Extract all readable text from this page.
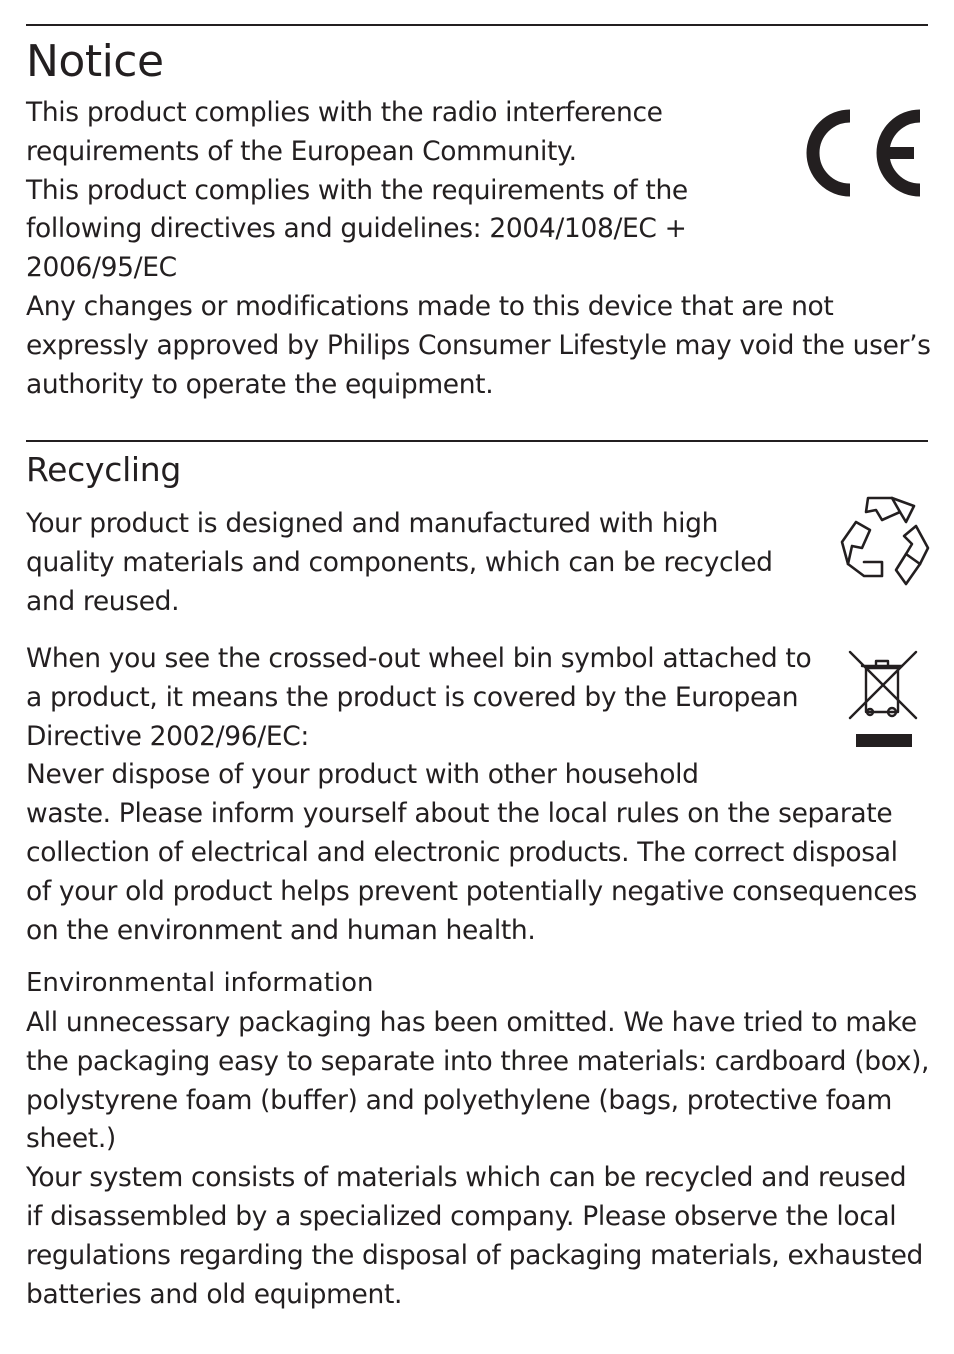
Notice
This product complies with the radio interference
requirements of the European Community.
This product complies with the requirements of the
following directives and guidelines: 2004/108/EC +
2006/95/EC
Any changes or modifications made to this device that are not
expressly approved by Philips Consumer Lifestyle may void the user’s
authority to operate the equipment.
Recycling
Your product is designed and manufactured with high
quality materials and components, which can be recycled
and reused.
When you see the crossed-out wheel bin symbol attached to
a product, it means the product is covered by the European
Directive 2002/96/EC:
Never dispose of your product with other household
waste. Please inform yourself about the local rules on the separate
collection of electrical and electronic products. The correct disposal
of your old product helps prevent potentially negative consequences
on the environment and human health.
Environmental information
All unnecessary packaging has been omitted. We have tried to make
the packaging easy to separate into three materials: cardboard (box),
polystyrene foam (buffer) and polyethylene (bags, protective foam
sheet.)
Your system consists of materials which can be recycled and reused
if disassembled by a specialized company. Please observe the local
regulations regarding the disposal of packaging materials, exhausted
batteries and old equipment.
